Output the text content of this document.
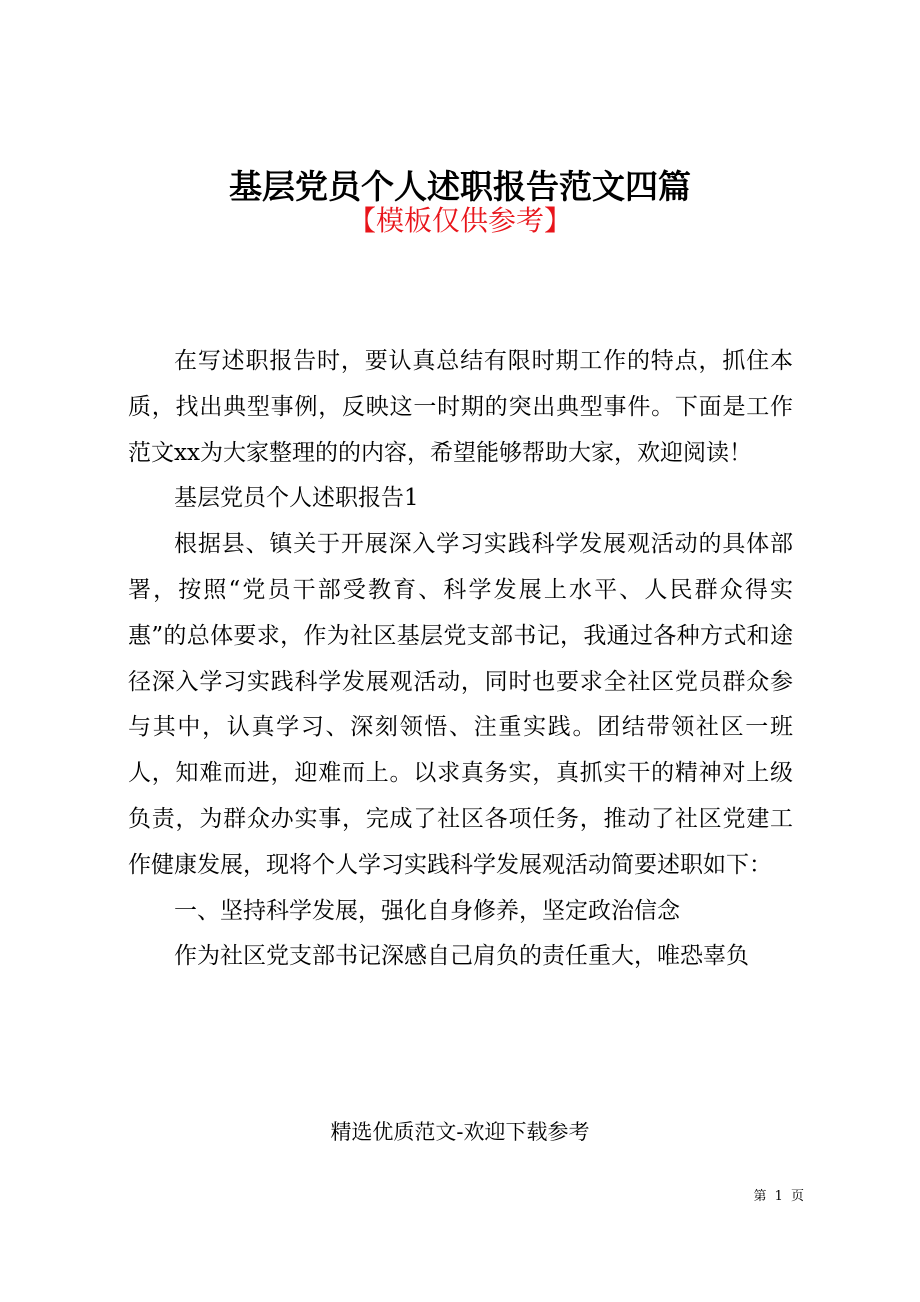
基层党员个人述职报告范文四篇
【模板仅供参考】

在写述职报告时，要认真总结有限时期工作的特点，抓住本质，找出典型事例，反映这一时期的突出典型事件。下面是工作范文xx为大家整理的的内容，希望能够帮助大家，欢迎阅读！

基层党员个人述职报告1

根据县、镇关于开展深入学习实践科学发展观活动的具体部署，按照“党员干部受教育、科学发展上水平、人民群众得实惠”的总体要求，作为社区基层党支部书记，我通过各种方式和途径深入学习实践科学发展观活动，同时也要求全社区党员群众参与其中，认真学习、深刻领悟、注重实践。团结带领社区一班人，知难而进，迎难而上。以求真务实，真抓实干的精神对上级负责，为群众办实事，完成了社区各项任务，推动了社区党建工作健康发展，现将个人学习实践科学发展观活动简要述职如下：

一、坚持科学发展，强化自身修养，坚定政治信念

作为社区党支部书记深感自己肩负的责任重大，唯恐辜负

精选优质范文-欢迎下载参考
第 1 页
